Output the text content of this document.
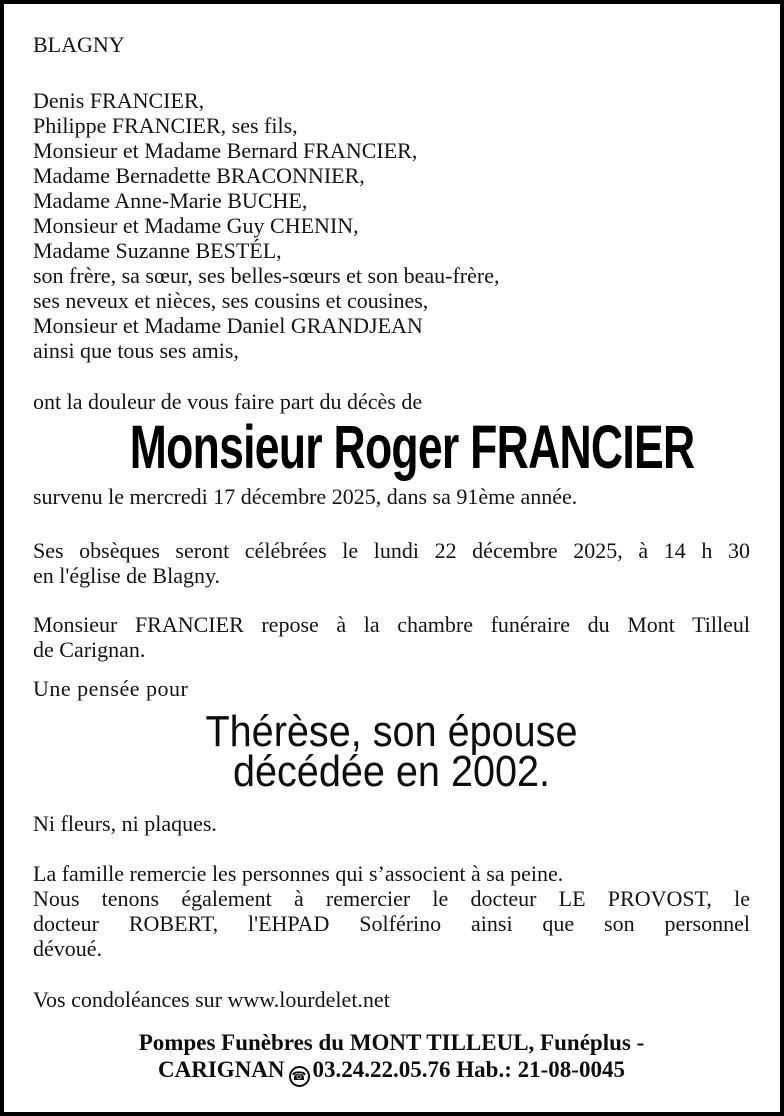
BLAGNY
Denis FRANCIER,
Philippe FRANCIER, ses fils,
Monsieur et Madame Bernard FRANCIER,
Madame Bernadette BRACONNIER,
Madame Anne-Marie BUCHE,
Monsieur et Madame Guy CHENIN,
Madame Suzanne BESTÉL,
son frère, sa sœur, ses belles-sœurs et son beau-frère,
ses neveux et nièces, ses cousins et cousines,
Monsieur et Madame Daniel GRANDJEAN
ainsi que tous ses amis,
ont la douleur de vous faire part du décès de
Monsieur Roger FRANCIER
survenu le mercredi 17 décembre 2025, dans sa 91ème année.
Ses obsèques seront célébrées le lundi 22 décembre 2025, à 14 h 30
en l'église de Blagny.
Monsieur FRANCIER repose à la chambre funéraire du Mont Tilleul
de Carignan.
Une pensée pour
Thérèse, son épouse
décédée en 2002.
Ni fleurs, ni plaques.
La famille remercie les personnes qui s’associent à sa peine.
Nous tenons également à remercier le docteur LE PROVOST, le
docteur ROBERT, l'EHPAD Solférino ainsi que son personnel
dévoué.
Vos condoléances sur www.lourdelet.net
Pompes Funèbres du MONT TILLEUL, Funéplus -
CARIGNAN ☎ 03.24.22.05.76 Hab.: 21-08-0045
